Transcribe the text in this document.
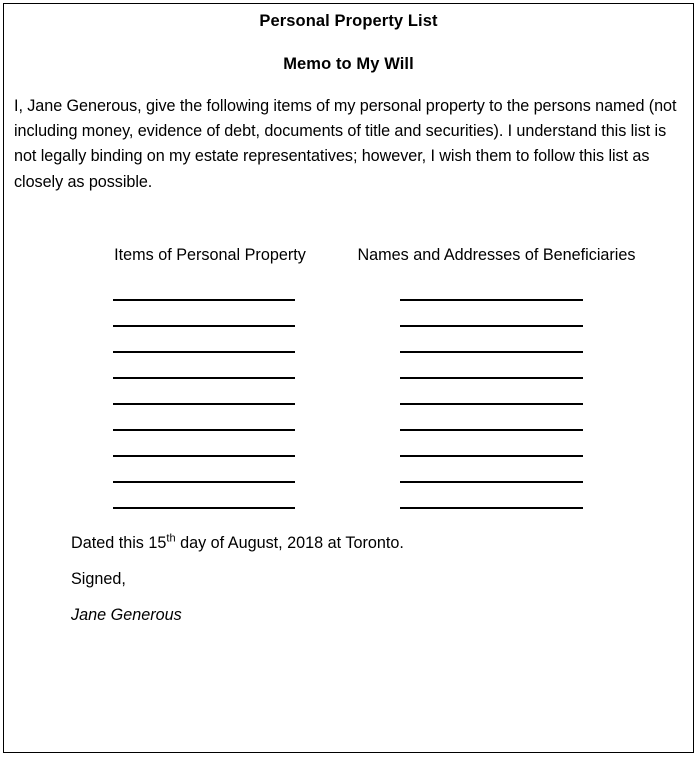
Personal Property List
Memo to My Will

I, Jane Generous, give the following items of my personal property to the persons named (not including money, evidence of debt, documents of title and securities). I understand this list is not legally binding on my estate representatives; however, I wish them to follow this list as closely as possible.

Items of Personal Property	Names and Addresses of Beneficiaries

Dated this 15th day of August, 2018 at Toronto.

Signed,

Jane Generous
